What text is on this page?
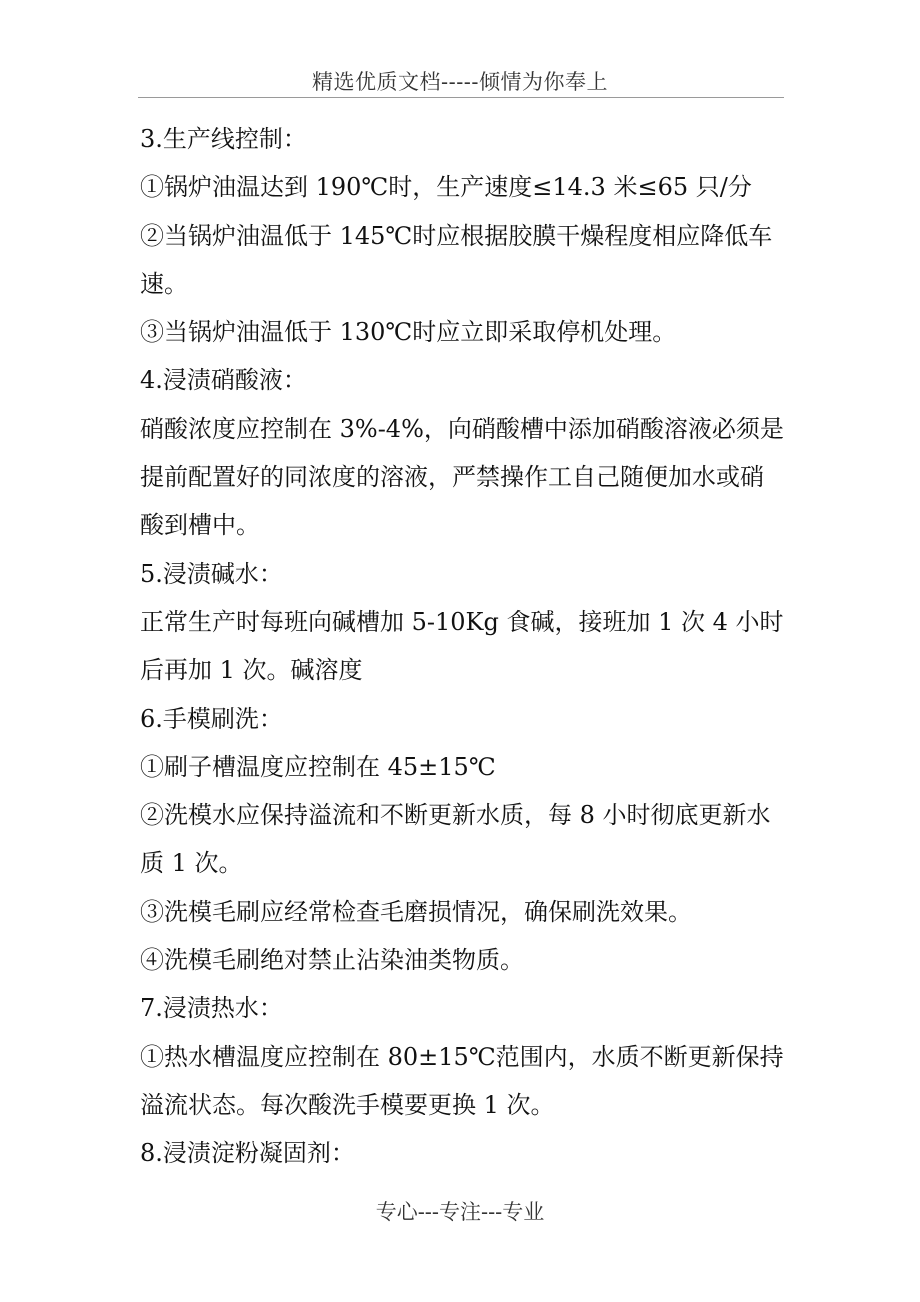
精选优质文档-----倾情为你奉上
3.生产线控制：
①锅炉油温达到 190℃时，生产速度≤14.3 米≤65 只/分
②当锅炉油温低于 145℃时应根据胶膜干燥程度相应降低车
速。
③当锅炉油温低于 130℃时应立即采取停机处理。
4.浸渍硝酸液：
硝酸浓度应控制在 3%-4%，向硝酸槽中添加硝酸溶液必须是
提前配置好的同浓度的溶液，严禁操作工自己随便加水或硝
酸到槽中。
5.浸渍碱水：
正常生产时每班向碱槽加 5-10Kg 食碱，接班加 1 次 4 小时
后再加 1 次。碱溶度
6.手模刷洗：
①刷子槽温度应控制在 45±15℃
②洗模水应保持溢流和不断更新水质，每 8 小时彻底更新水
质 1 次。
③洗模毛刷应经常检查毛磨损情况，确保刷洗效果。
④洗模毛刷绝对禁止沾染油类物质。
7.浸渍热水：
①热水槽温度应控制在 80±15℃范围内，水质不断更新保持
溢流状态。每次酸洗手模要更换 1 次。
8.浸渍淀粉凝固剂：
专心---专注---专业
